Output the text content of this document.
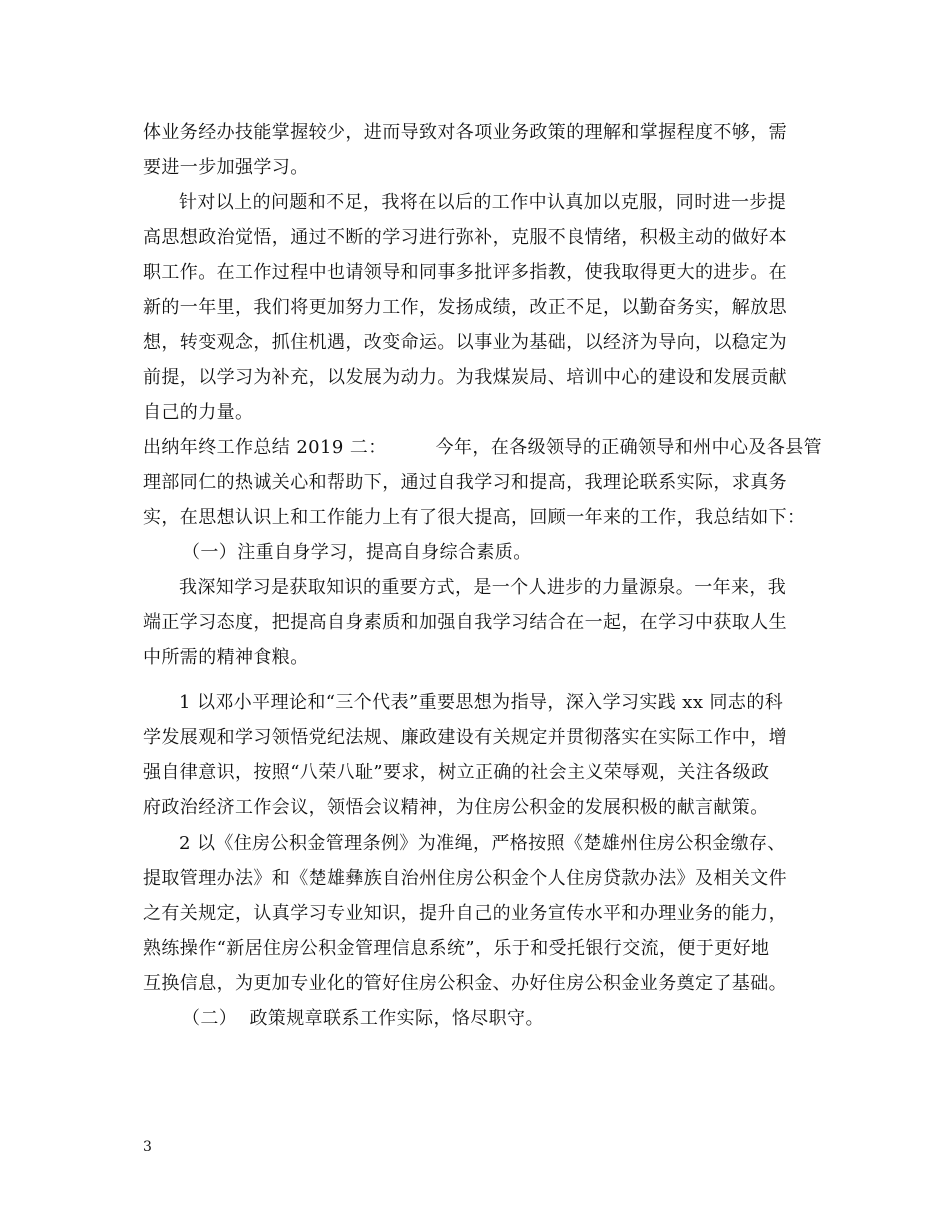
体业务经办技能掌握较少，进而导致对各项业务政策的理解和掌握程度不够，需
要进一步加强学习。
针对以上的问题和不足，我将在以后的工作中认真加以克服，同时进一步提
高思想政治觉悟，通过不断的学习进行弥补，克服不良情绪，积极主动的做好本
职工作。在工作过程中也请领导和同事多批评多指教，使我取得更大的进步。在
新的一年里，我们将更加努力工作，发扬成绩，改正不足，以勤奋务实，解放思
想，转变观念，抓住机遇，改变命运。以事业为基础，以经济为导向，以稳定为
前提，以学习为补充，以发展为动力。为我煤炭局、培训中心的建设和发展贡献
自己的力量。
出纳年终工作总结 2019 二：        今年，在各级领导的正确领导和州中心及各县管
理部同仁的热诚关心和帮助下，通过自我学习和提高，我理论联系实际，求真务
实，在思想认识上和工作能力上有了很大提高，回顾一年来的工作，我总结如下：
（一）注重自身学习，提高自身综合素质。
我深知学习是获取知识的重要方式，是一个人进步的力量源泉。一年来，我
端正学习态度，把提高自身素质和加强自我学习结合在一起，在学习中获取人生
中所需的精神食粮。
1 以邓小平理论和“三个代表”重要思想为指导，深入学习实践 xx 同志的科
学发展观和学习领悟党纪法规、廉政建设有关规定并贯彻落实在实际工作中，增
强自律意识，按照“八荣八耻”要求，树立正确的社会主义荣辱观，关注各级政
府政治经济工作会议，领悟会议精神，为住房公积金的发展积极的献言献策。
2 以《住房公积金管理条例》为准绳，严格按照《楚雄州住房公积金缴存、
提取管理办法》和《楚雄彝族自治州住房公积金个人住房贷款办法》及相关文件
之有关规定，认真学习专业知识，提升自己的业务宣传水平和办理业务的能力，
熟练操作“新居住房公积金管理信息系统”，乐于和受托银行交流，便于更好地
互换信息，为更加专业化的管好住房公积金、办好住房公积金业务奠定了基础。
（二）  政策规章联系工作实际，恪尽职守。
3
